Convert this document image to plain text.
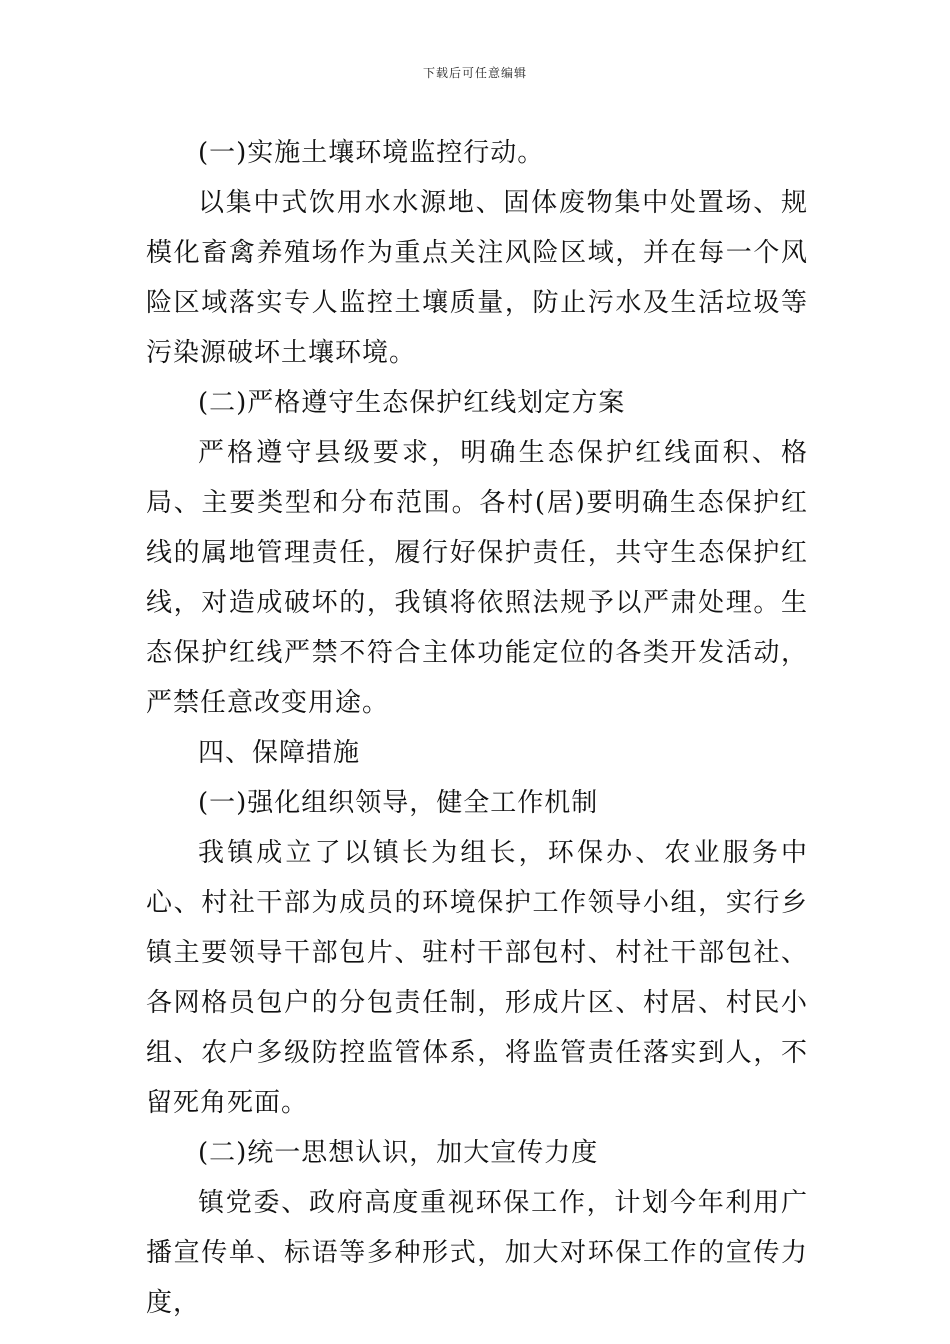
下载后可任意编辑

(一)实施土壤环境监控行动。

以集中式饮用水水源地、固体废物集中处置场、规模化畜禽养殖场作为重点关注风险区域，并在每一个风险区域落实专人监控土壤质量，防止污水及生活垃圾等污染源破坏土壤环境。

(二)严格遵守生态保护红线划定方案

严格遵守县级要求，明确生态保护红线面积、格局、主要类型和分布范围。各村(居)要明确生态保护红线的属地管理责任，履行好保护责任，共守生态保护红线，对造成破坏的，我镇将依照法规予以严肃处理。生态保护红线严禁不符合主体功能定位的各类开发活动，严禁任意改变用途。

四、保障措施

(一)强化组织领导，健全工作机制

我镇成立了以镇长为组长，环保办、农业服务中心、村社干部为成员的环境保护工作领导小组，实行乡镇主要领导干部包片、驻村干部包村、村社干部包社、各网格员包户的分包责任制，形成片区、村居、村民小组、农户多级防控监管体系，将监管责任落实到人，不留死角死面。

(二)统一思想认识，加大宣传力度

镇党委、政府高度重视环保工作，计划今年利用广播宣传单、标语等多种形式，加大对环保工作的宣传力度，
